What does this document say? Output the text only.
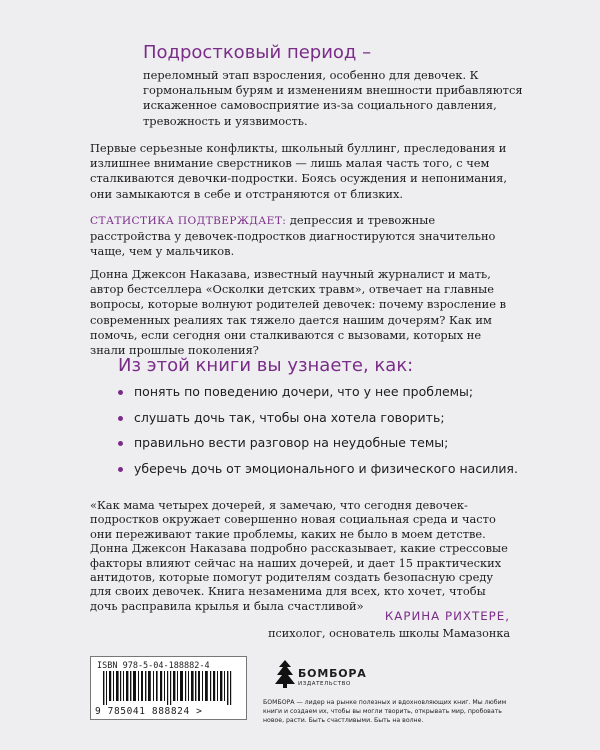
Подростковый период –

переломный этап взросления, особенно для девочек. К гормональным бурям и изменениям внешности прибавляются искаженное самовосприятие из-за социального давления, тревожность и уязвимость.

Первые серьезные конфликты, школьный буллинг, преследования и излишнее внимание сверстников — лишь малая часть того, с чем сталкиваются девочки-подростки. Боясь осуждения и непонимания, они замыкаются в себе и отстраняются от близких.

СТАТИСТИКА ПОДТВЕРЖДАЕТ: депрессия и тревожные расстройства у девочек-подростков диагностируются значительно чаще, чем у мальчиков.

Донна Джексон Наказава, известный научный журналист и мать, автор бестселлера «Осколки детских травм», отвечает на главные вопросы, которые волнуют родителей девочек: почему взросление в современных реалиях так тяжело дается нашим дочерям? Как им помочь, если сегодня они сталкиваются с вызовами, которых не знали прошлые поколения?

Из этой книги вы узнаете, как:
понять по поведению дочери, что у нее проблемы;
слушать дочь так, чтобы она хотела говорить;
правильно вести разговор на неудобные темы;
уберечь дочь от эмоционального и физического насилия.

«Как мама четырех дочерей, я замечаю, что сегодня девочек-подростков окружает совершенно новая социальная среда и часто они переживают такие проблемы, каких не было в моем детстве. Донна Джексон Наказава подробно рассказывает, какие стрессовые факторы влияют сейчас на наших дочерей, и дает 15 практических антидотов, которые помогут родителям создать безопасную среду для своих девочек. Книга незаменима для всех, кто хочет, чтобы дочь расправила крылья и была счастливой»

КАРИНА РИХТЕРЕ,
психолог, основатель школы Мамазонка
ISBN 978-5-04-188882-4
9 785041 888824 >
БОМБОРА
ИЗДАТЕЛЬСТВО

БОМБОРА — лидер на рынке полезных и вдохновляющих книг. Мы любим книги и создаем их, чтобы вы могли творить, открывать мир, пробовать новое, расти. Быть счастливыми. Быть на волне.
